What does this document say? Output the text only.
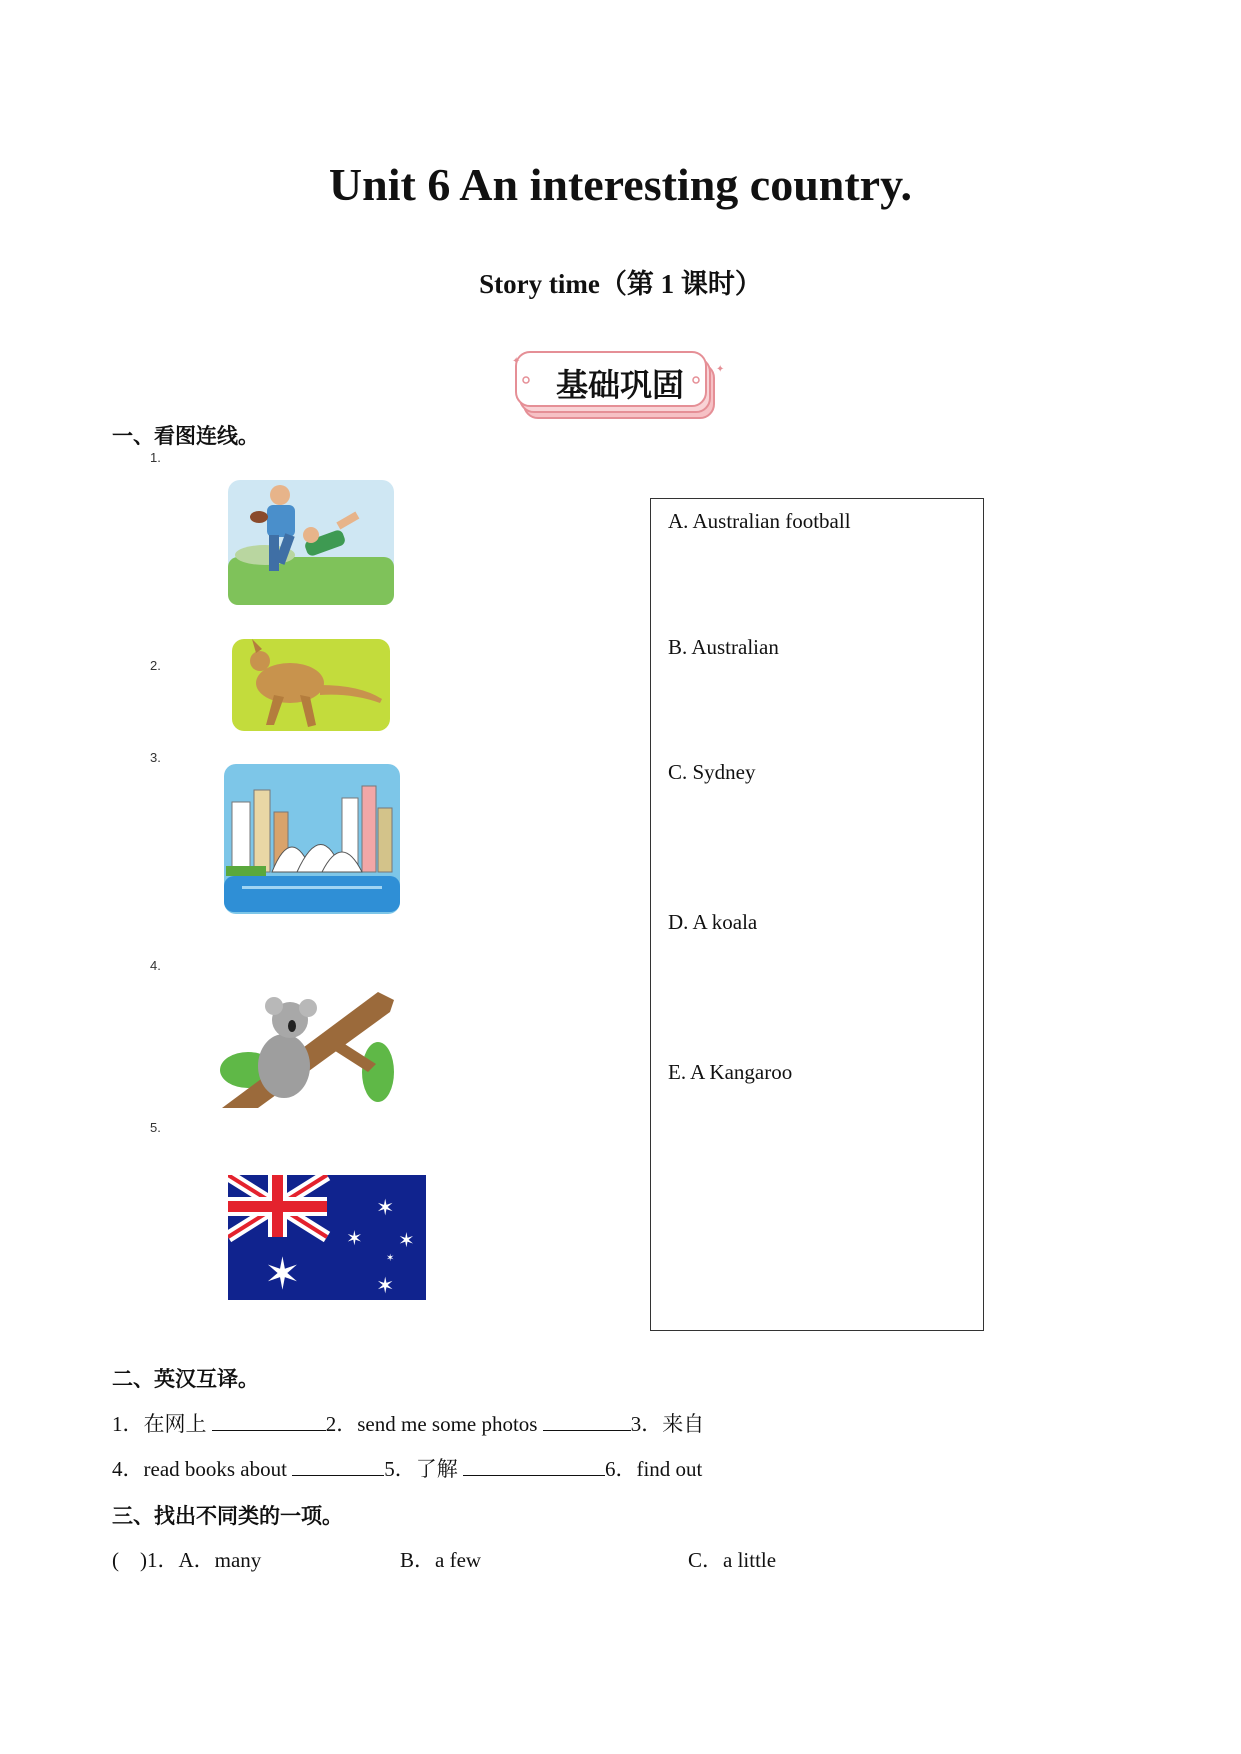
Unit 6 An interesting country.
Story time（第 1 课时）
✦
✦
基础巩固
一、看图连线。
1.
2.
3.
4.
5.
✶
✶
✶ ✶
✶
✶
A. Australian football
B. Australian
C. Sydney
D. A koala
E. A Kangaroo
二、英汉互译。
1．在网上	2．send me some photos	3．来自
4．read books about	5．了解	6．find out
三、找出不同类的一项。
(    )1．A．many	B．a few	C．a little
